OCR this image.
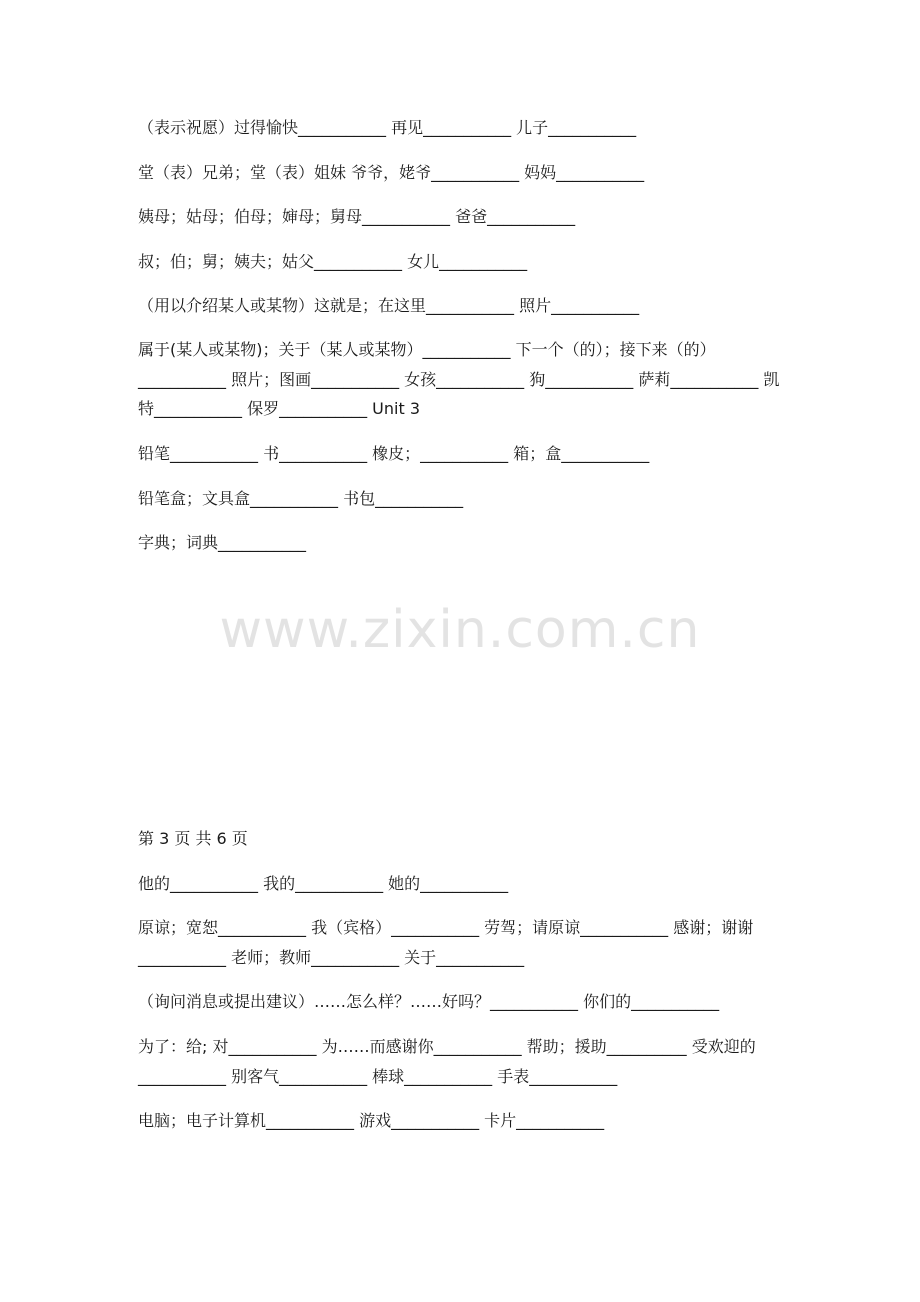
（表示祝愿）过得愉快___________ 再见___________ 儿子___________

堂（表）兄弟；堂（表）姐妹 爷爷，姥爷___________ 妈妈___________

姨母；姑母；伯母；婶母；舅母___________ 爸爸___________

叔；伯；舅；姨夫；姑父___________ 女儿___________

（用以介绍某人或某物）这就是；在这里___________ 照片___________

属于(某人或某物)；关于（某人或某物）___________ 下一个（的）；接下来（的）___________ 照片；图画___________ 女孩___________ 狗___________ 萨莉___________ 凯特___________ 保罗___________ Unit 3

铅笔___________ 书___________ 橡皮；___________ 箱；盒___________

铅笔盒；文具盒___________ 书包___________

字典；词典___________

www.zixin.com.cn

第 3 页 共 6 页

他的___________ 我的___________ 她的___________

原谅；宽恕___________ 我（宾格）___________ 劳驾；请原谅___________ 感谢；谢谢___________ 老师；教师___________ 关于___________

（询问消息或提出建议）……怎么样？……好吗？___________ 你们的___________

为了：给; 对___________ 为……而感谢你___________ 帮助；援助__________ 受欢迎的___________ 别客气___________ 棒球___________ 手表___________

电脑；电子计算机___________ 游戏___________ 卡片___________
